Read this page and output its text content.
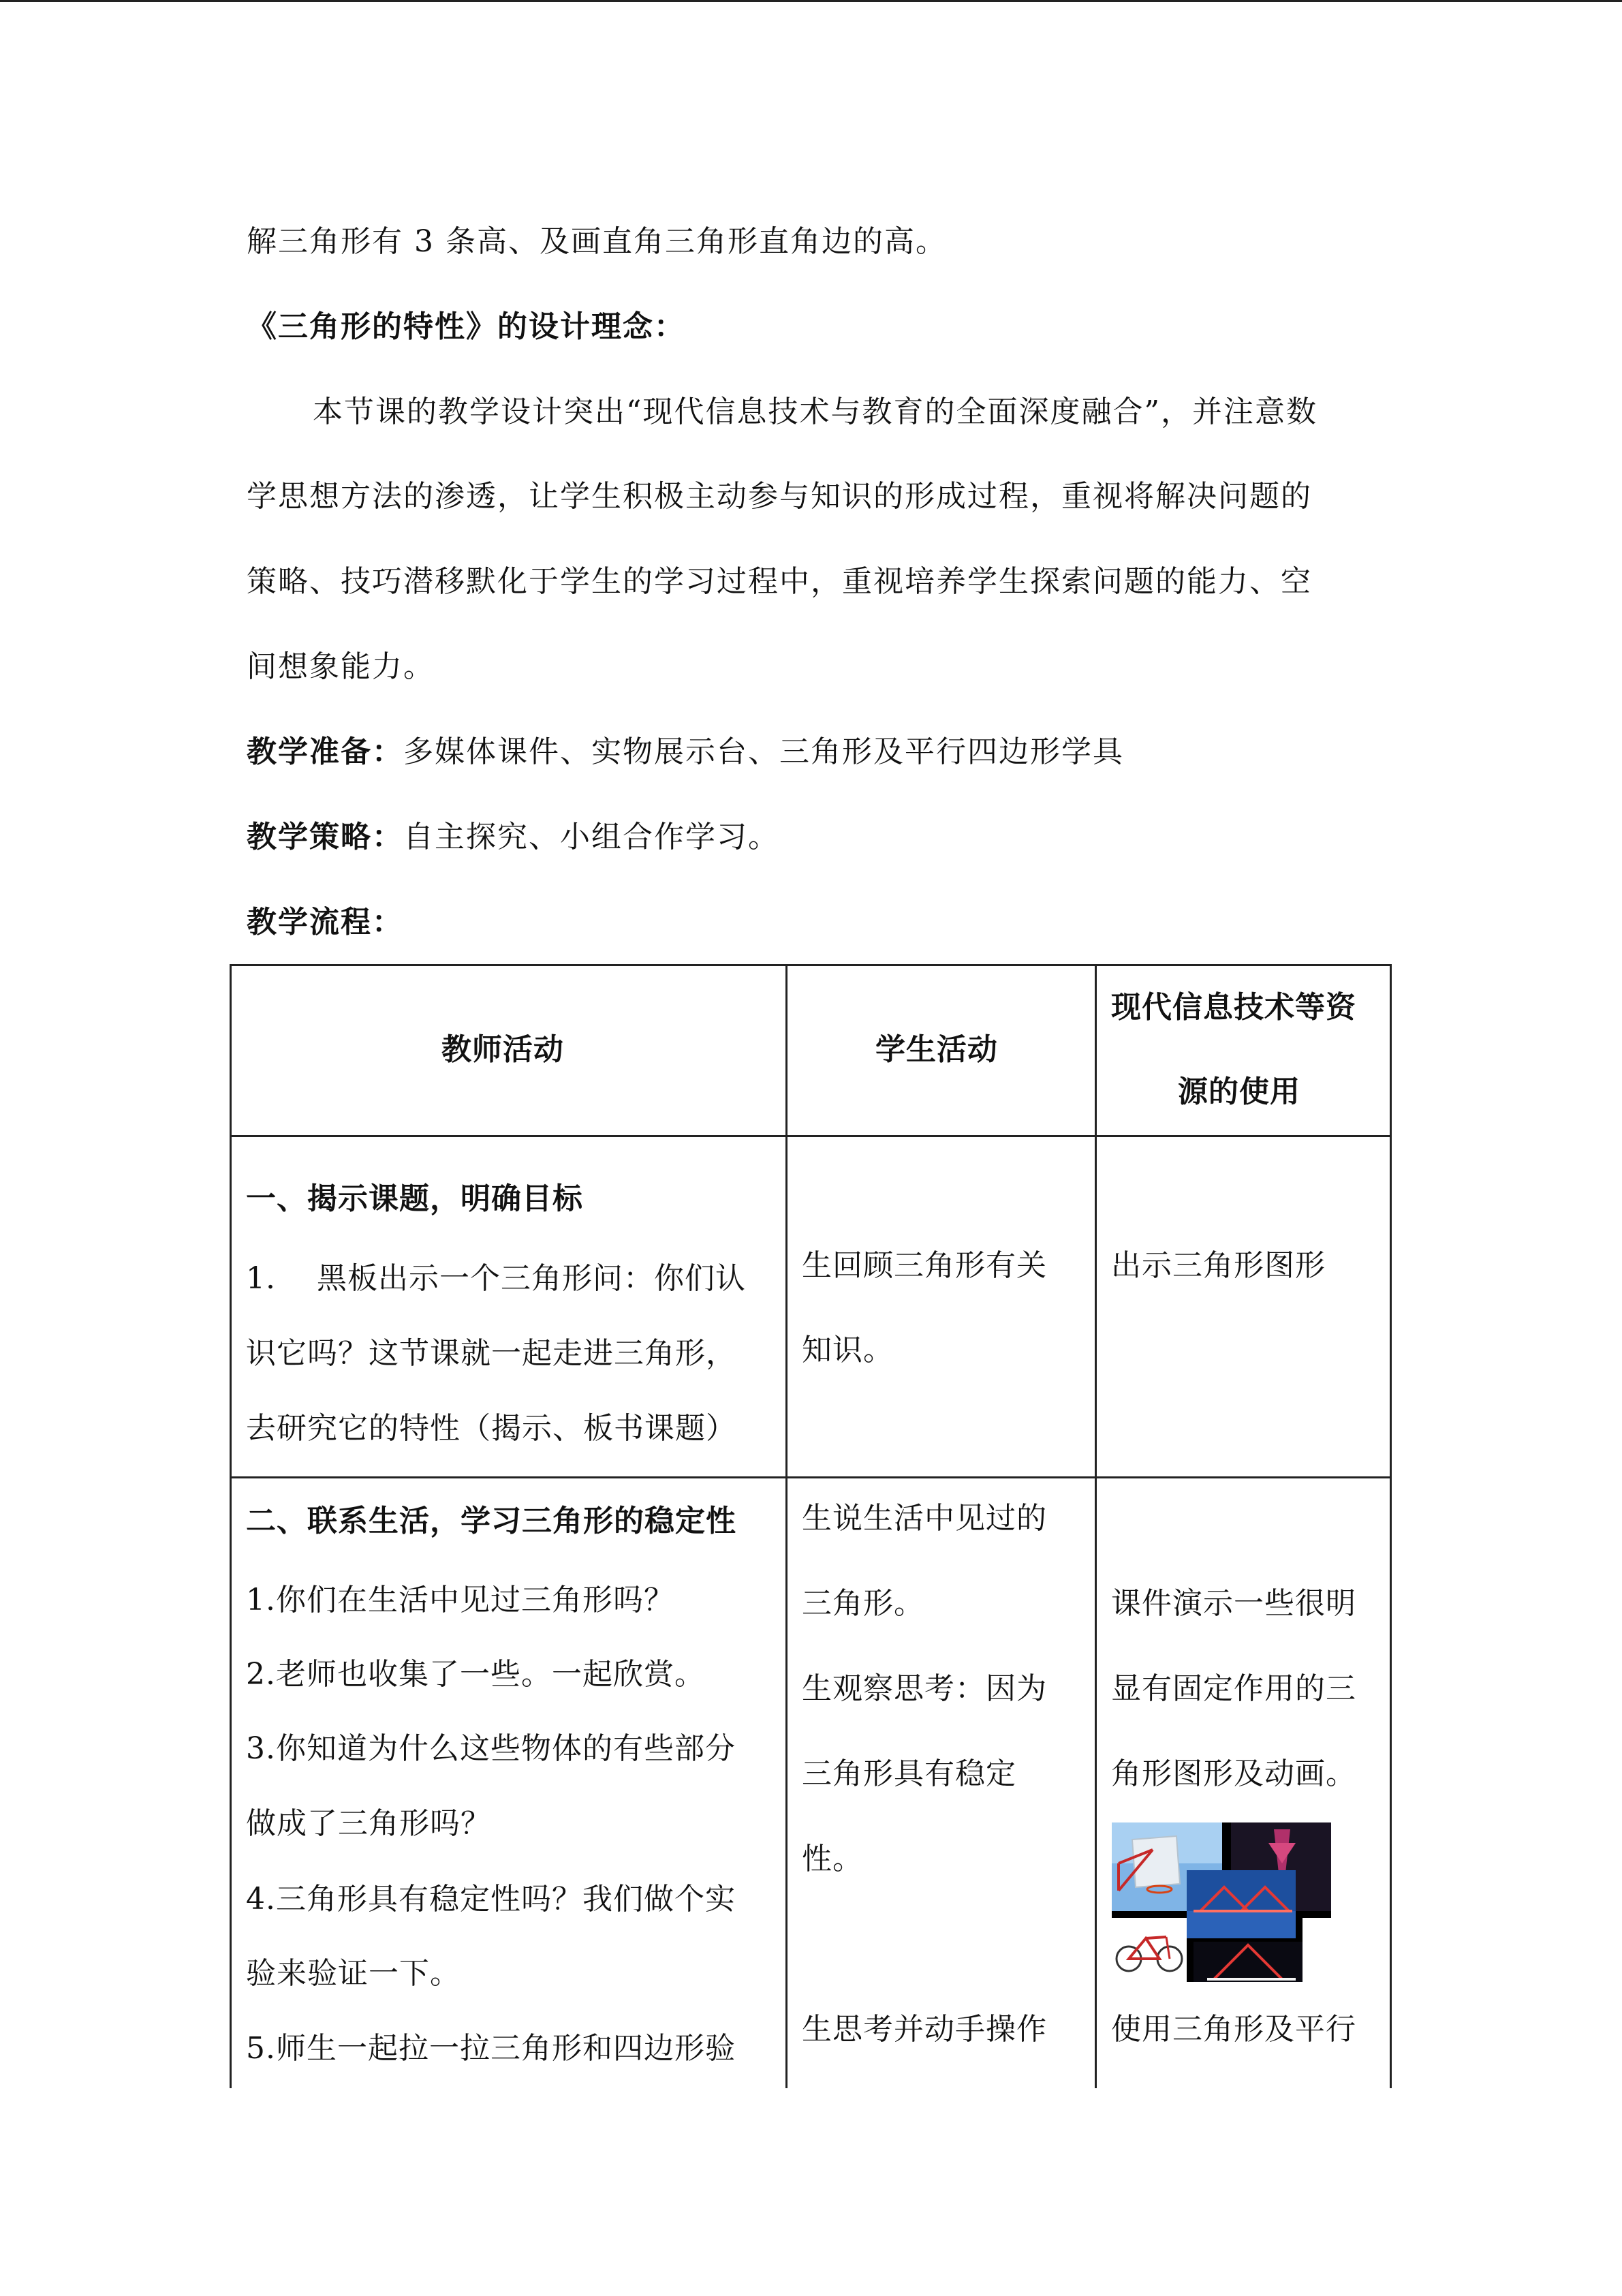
解三角形有 3 条高、及画直角三角形直角边的高。
《三角形的特性》的设计理念：
本节课的教学设计突出“现代信息技术与教育的全面深度融合”，并注意数
学思想方法的渗透，让学生积极主动参与知识的形成过程，重视将解决问题的
策略、技巧潜移默化于学生的学习过程中，重视培养学生探索问题的能力、空
间想象能力。
教学准备：多媒体课件、实物展示台、三角形及平行四边形学具
教学策略：自主探究、小组合作学习。
教学流程：
教师活动	学生活动
现代信息技术等资
源的使用
一、揭示课题，明确目标
1.　 黑板出示一个三角形问：你们认
识它吗？这节课就一起走进三角形，
去研究它的特性（揭示、板书课题）
生回顾三角形有关
知识。
出示三角形图形
二、联系生活，学习三角形的稳定性
1.你们在生活中见过三角形吗？
2.老师也收集了一些。一起欣赏。
3.你知道为什么这些物体的有些部分
做成了三角形吗？
4.三角形具有稳定性吗？我们做个实
验来验证一下。
5.师生一起拉一拉三角形和四边形验
生说生活中见过的
三角形。
生观察思考：因为
三角形具有稳定
性。
生思考并动手操作
课件演示一些很明
显有固定作用的三
角形图形及动画。
使用三角形及平行
